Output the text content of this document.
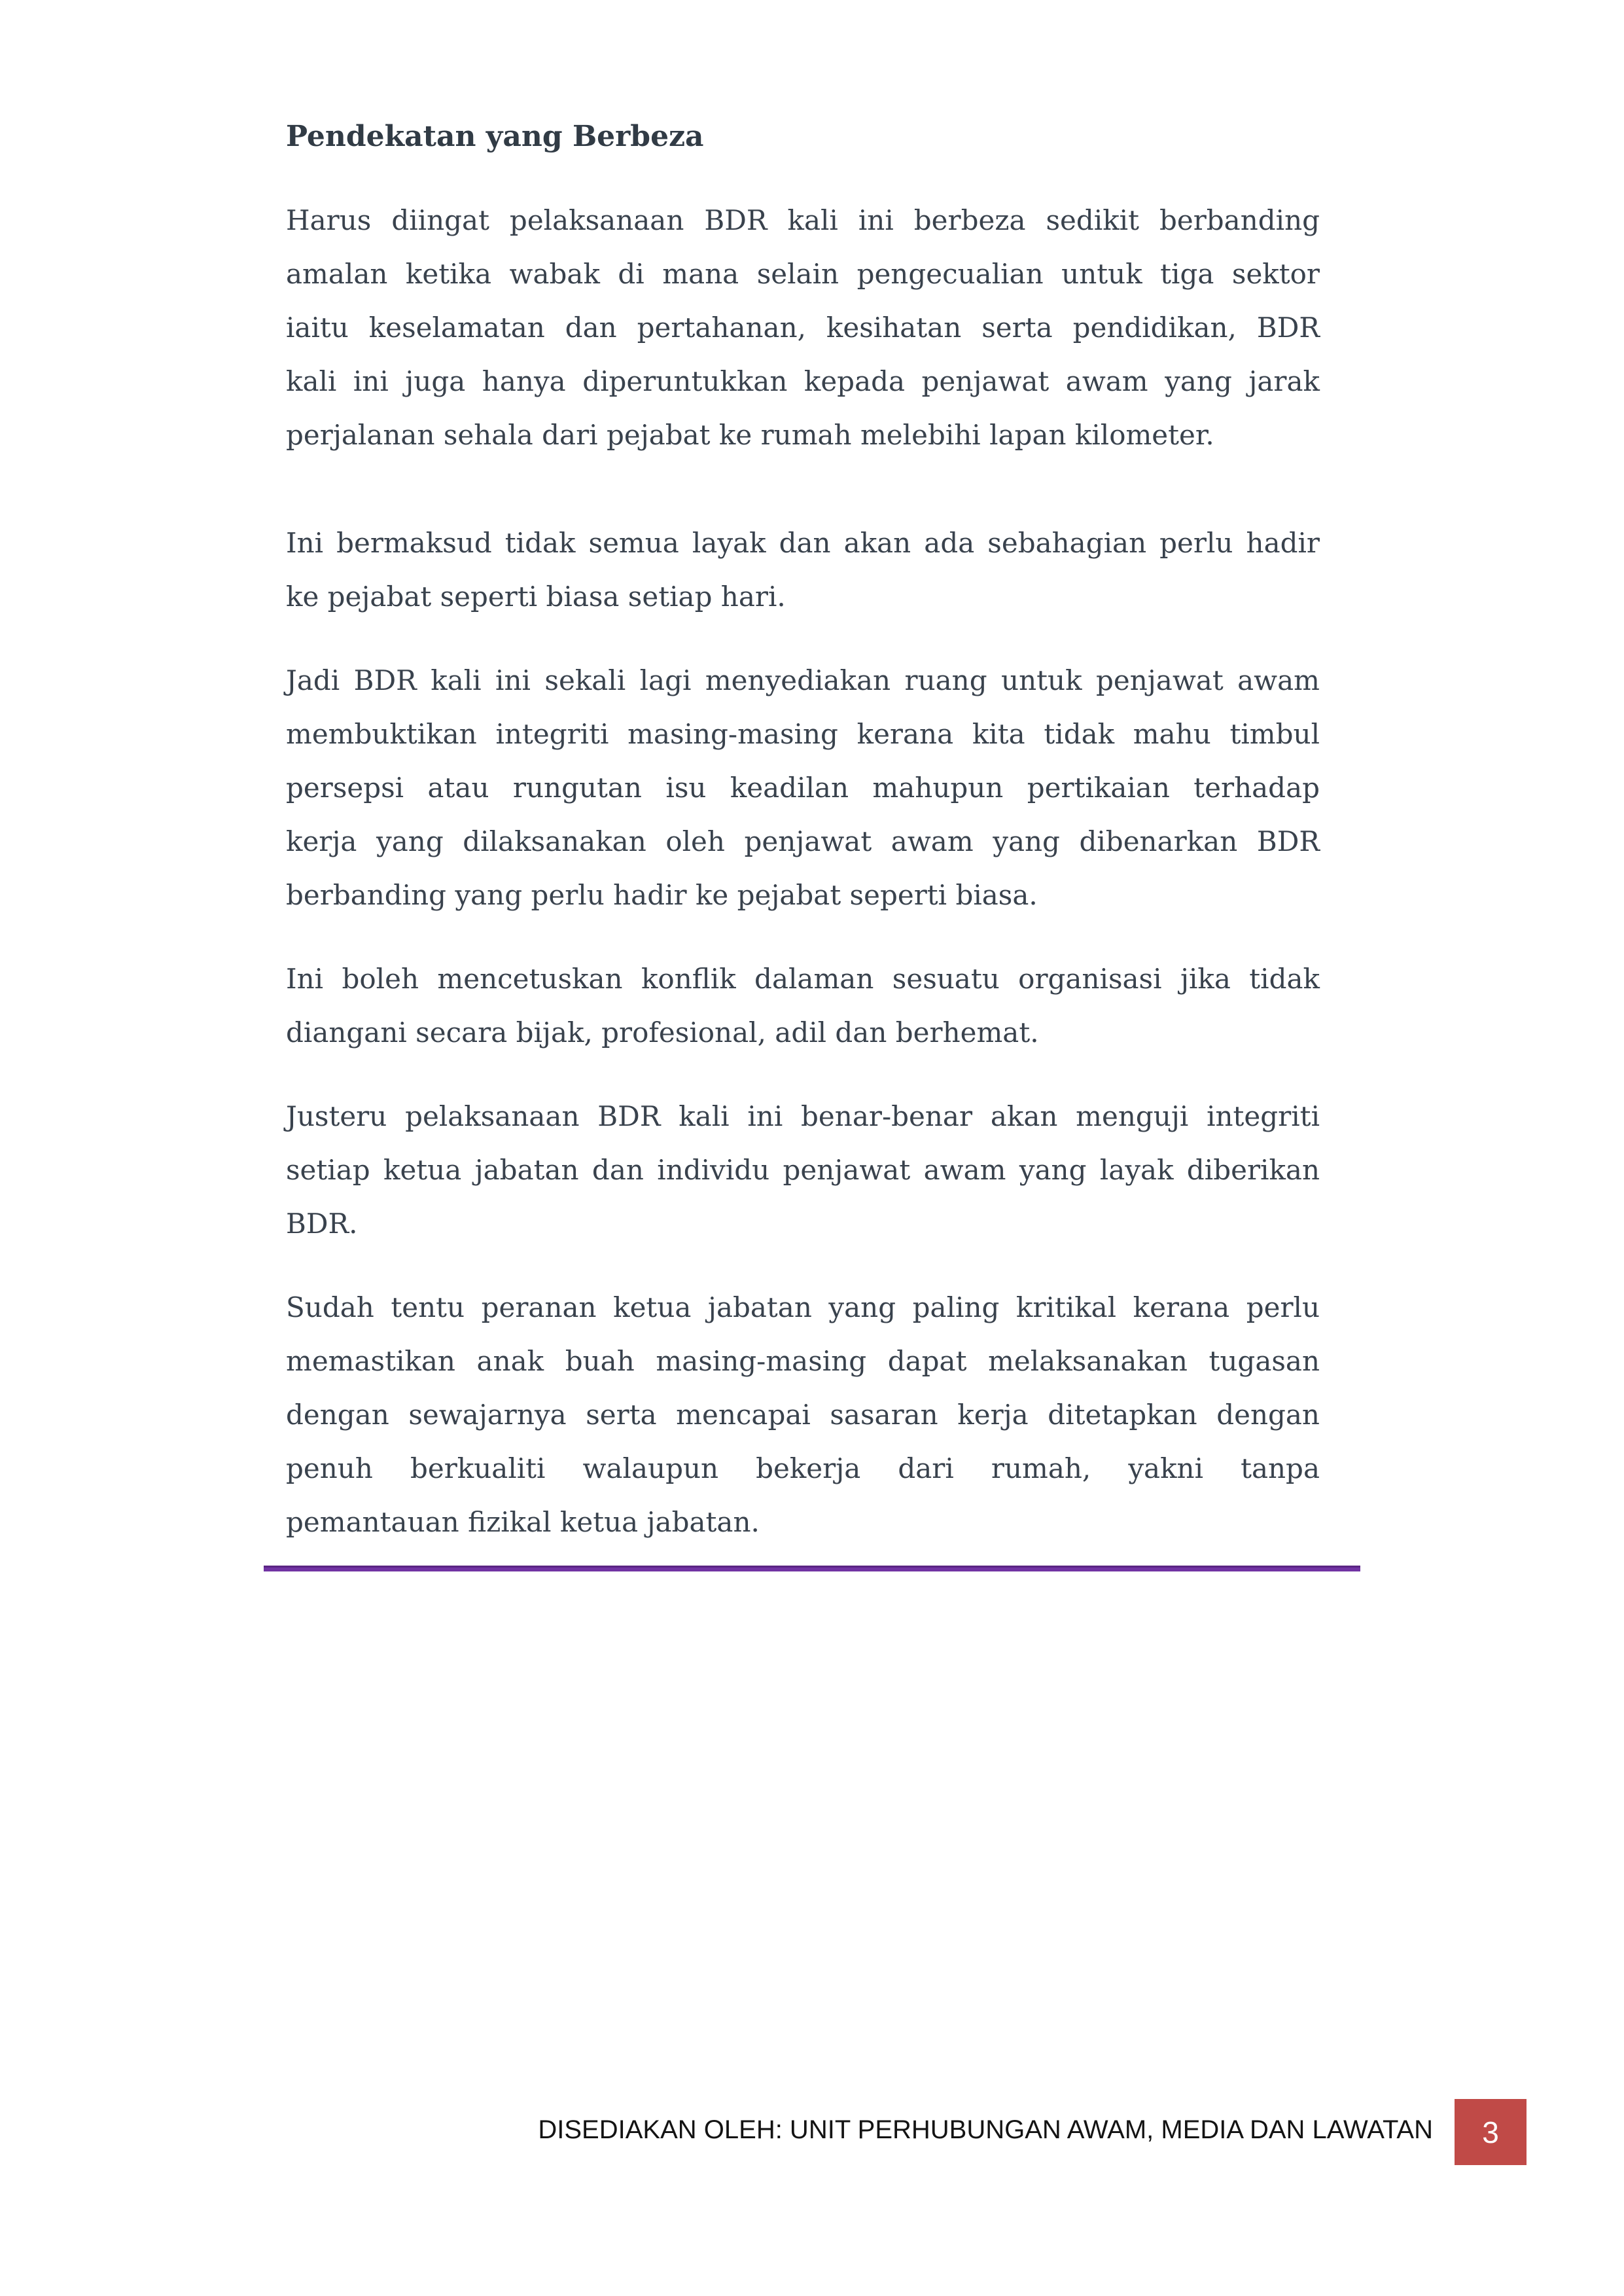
Pendekatan yang Berbeza

Harus diingat pelaksanaan BDR kali ini berbeza sedikit berbanding
amalan ketika wabak di mana selain pengecualian untuk tiga sektor
iaitu keselamatan dan pertahanan, kesihatan serta pendidikan, BDR
kali ini juga hanya diperuntukkan kepada penjawat awam yang jarak
perjalanan sehala dari pejabat ke rumah melebihi lapan kilometer.

Ini bermaksud tidak semua layak dan akan ada sebahagian perlu hadir
ke pejabat seperti biasa setiap hari.

Jadi BDR kali ini sekali lagi menyediakan ruang untuk penjawat awam
membuktikan integriti masing-masing kerana kita tidak mahu timbul
persepsi atau rungutan isu keadilan mahupun pertikaian terhadap
kerja yang dilaksanakan oleh penjawat awam yang dibenarkan BDR
berbanding yang perlu hadir ke pejabat seperti biasa.

Ini boleh mencetuskan konflik dalaman sesuatu organisasi jika tidak
diangani secara bijak, profesional, adil dan berhemat.

Justeru pelaksanaan BDR kali ini benar-benar akan menguji integriti
setiap ketua jabatan dan individu penjawat awam yang layak diberikan
BDR.

Sudah tentu peranan ketua jabatan yang paling kritikal kerana perlu
memastikan anak buah masing-masing dapat melaksanakan tugasan
dengan sewajarnya serta mencapai sasaran kerja ditetapkan dengan
penuh berkualiti walaupun bekerja dari rumah, yakni tanpa
pemantauan fizikal ketua jabatan.

DISEDIAKAN OLEH: UNIT PERHUBUNGAN AWAM, MEDIA DAN LAWATAN 3
